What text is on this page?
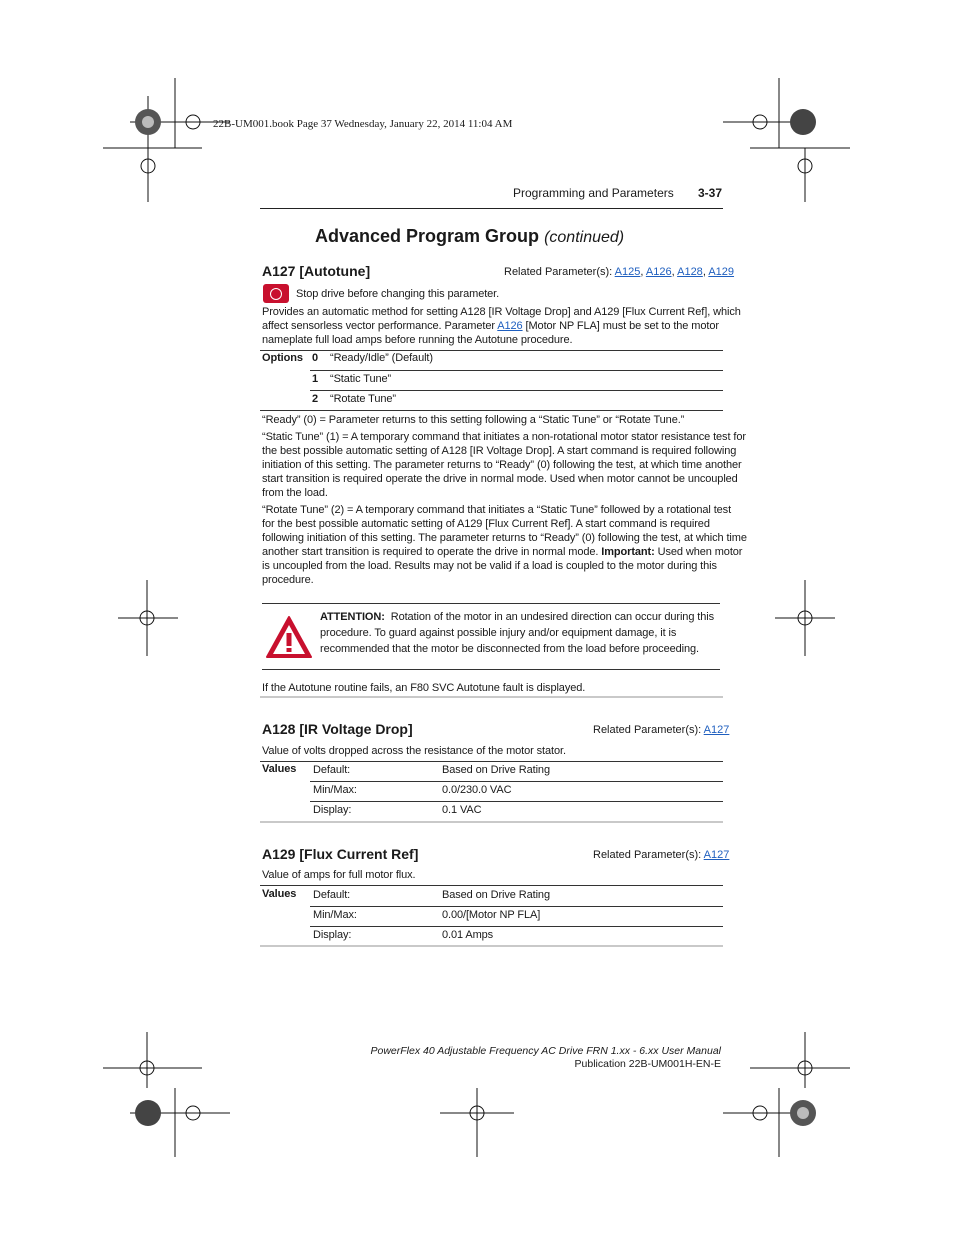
22B-UM001.book Page 37 Wednesday, January 22, 2014 11:04 AM
Programming and Parameters 3-37
Advanced Program Group (continued)
A127 [Autotune]	Related Parameter(s): A125, A126, A128, A129
Stop drive before changing this parameter.
Provides an automatic method for setting A128 [IR Voltage Drop] and A129 [Flux Current Ref], which
affect sensorless vector performance. Parameter A126 [Motor NP FLA] must be set to the motor
nameplate full load amps before running the Autotune procedure.
Options 0 “Ready/Idle” (Default)
1 “Static Tune”
2 “Rotate Tune”
“Ready” (0) = Parameter returns to this setting following a “Static Tune” or “Rotate Tune.”
“Static Tune” (1) = A temporary command that initiates a non-rotational motor stator resistance test for
the best possible automatic setting of A128 [IR Voltage Drop]. A start command is required following
initiation of this setting. The parameter returns to “Ready” (0) following the test, at which time another
start transition is required operate the drive in normal mode. Used when motor cannot be uncoupled
from the load.
“Rotate Tune” (2) = A temporary command that initiates a “Static Tune” followed by a rotational test
for the best possible automatic setting of A129 [Flux Current Ref]. A start command is required
following initiation of this setting. The parameter returns to “Ready” (0) following the test, at which time
another start transition is required to operate the drive in normal mode. Important: Used when motor
is uncoupled from the load. Results may not be valid if a load is coupled to the motor during this
procedure.
ATTENTION: Rotation of the motor in an undesired direction can occur during this
procedure. To guard against possible injury and/or equipment damage, it is
recommended that the motor be disconnected from the load before proceeding.
If the Autotune routine fails, an F80 SVC Autotune fault is displayed.
A128 [IR Voltage Drop]	Related Parameter(s): A127
Value of volts dropped across the resistance of the motor stator.
Values Default:	Based on Drive Rating
Min/Max:	0.0/230.0 VAC
Display:	0.1 VAC
A129 [Flux Current Ref]	Related Parameter(s): A127
Value of amps for full motor flux.
Values Default:	Based on Drive Rating
Min/Max:	0.00/[Motor NP FLA]
Display:	0.01 Amps
PowerFlex 40 Adjustable Frequency AC Drive FRN 1.xx - 6.xx User Manual
Publication 22B-UM001H-EN-E
